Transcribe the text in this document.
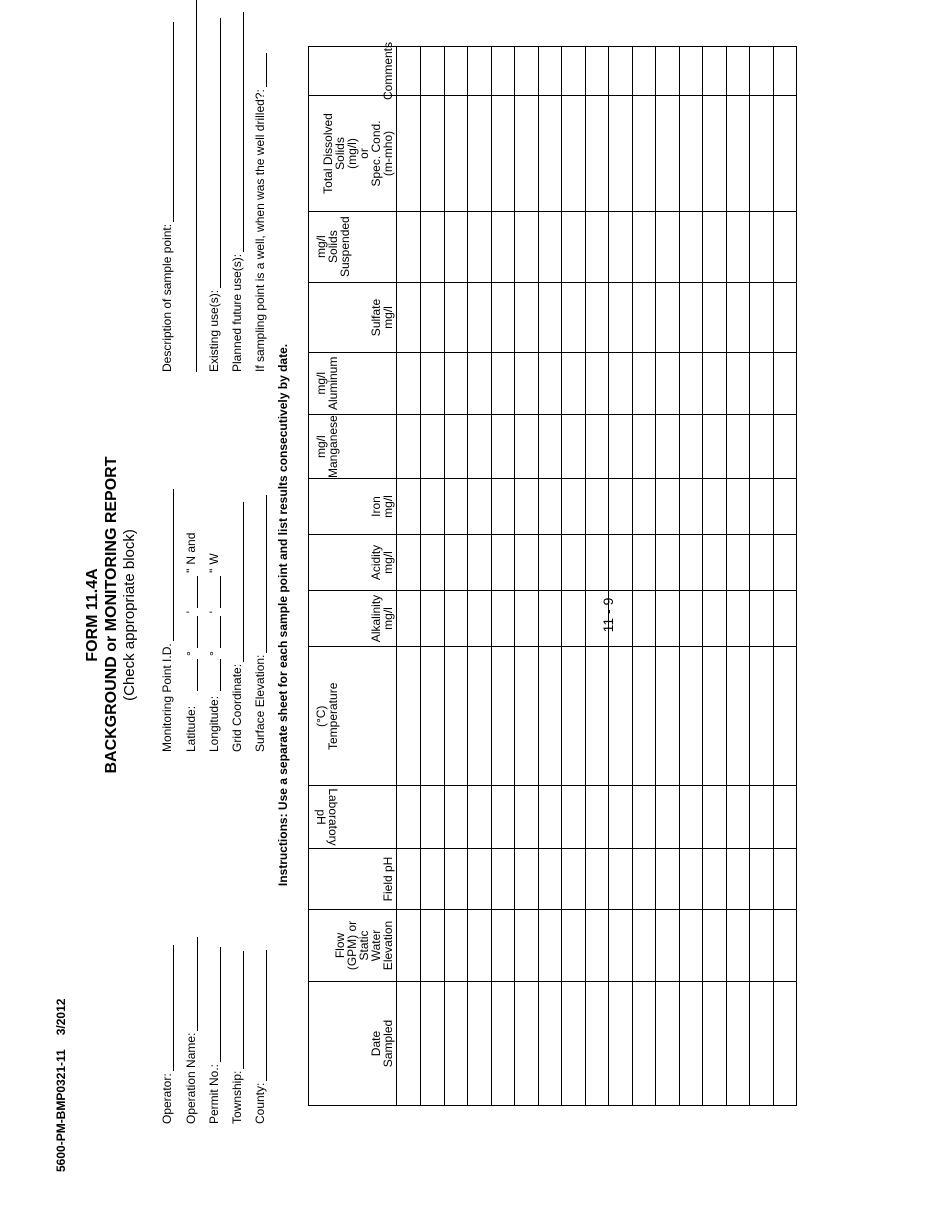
5600-PM-BMP0321-113/2012
FORM 11.4A BACKGROUND or MONITORING REPORT (Check appropriate block)
Operator: Operation Name: Permit No.: Township: County:
Monitoring Point I.D. Latitude:
°
'
"
N and
Longitude:
°
'
"
W
Grid Coordinate: Surface Elevation:
Description of sample point:	Existing use(s): Planned future use(s): If sampling point is a well, when was the well drilled?:
Instructions: Use a separate sheet for each sample point and list results consecutively by date.
Date
Sampled
Flow
(GPM) or
Static
Water
Elevation
Field pH
Laboratory pH
Temperature
(°C)
Alkalinity
mg/l
Acidity
mg/l
Iron
mg/l
Manganese
mg/l
Aluminum
mg/l
Sulfate
mg/l
Suspended
Solids
mg/l
Total Dissolved
Solids
(mg/l)
or
Spec. Cond.
(m-mho)
Comments
11 - 9
